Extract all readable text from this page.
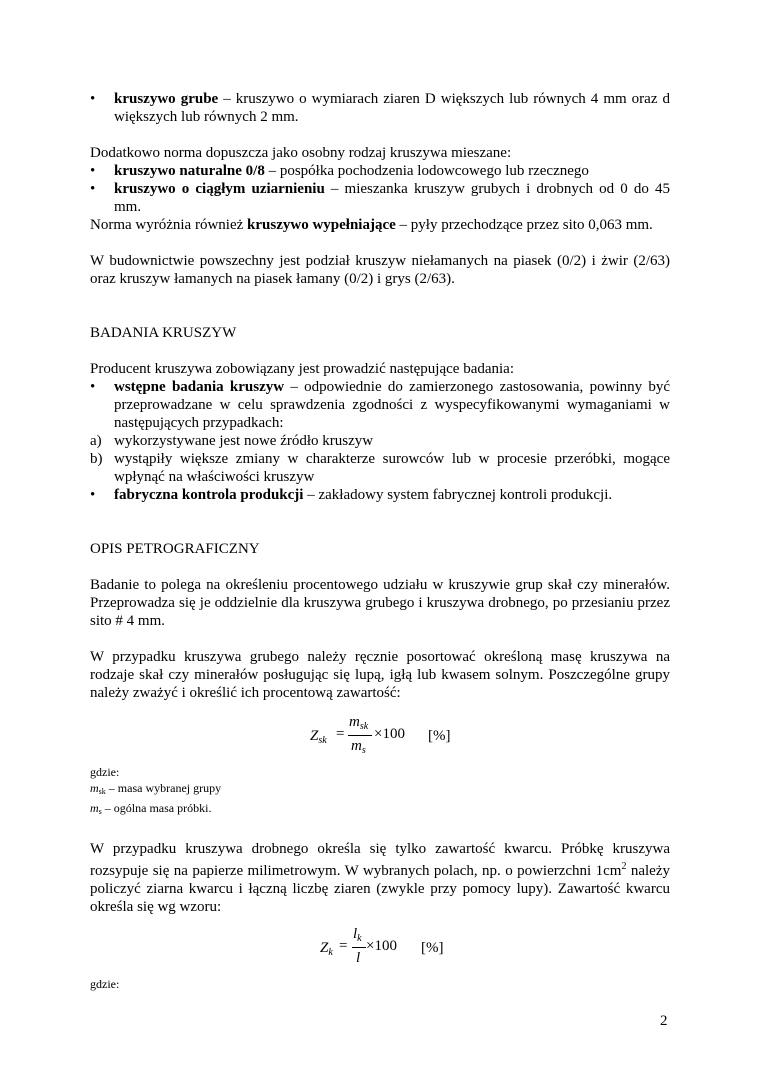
•	kruszywo grube – kruszywo o wymiarach ziaren D większych lub równych 4 mm oraz d większych lub równych 2 mm.

Dodatkowo norma dopuszcza jako osobny rodzaj kruszywa mieszane:

•	kruszywo naturalne 0/8 – pospółka pochodzenia lodowcowego lub rzecznego
•	kruszywo o ciągłym uziarnieniu – mieszanka kruszyw grubych i drobnych od 0 do 45 mm.

Norma wyróżnia również kruszywo wypełniające – pyły przechodzące przez sito 0,063 mm.

W budownictwie powszechny jest podział kruszyw niełamanych na piasek (0/2) i żwir (2/63) oraz kruszyw łamanych na piasek łamany (0/2) i grys (2/63).

BADANIA KRUSZYW

Producent kruszywa zobowiązany jest prowadzić następujące badania:

•	wstępne badania kruszyw – odpowiednie do zamierzonego zastosowania, powinny być przeprowadzane w celu sprawdzenia zgodności z wyspecyfikowanymi wymaganiami w następujących przypadkach:
a) wykorzystywane jest nowe źródło kruszyw
b) wystąpiły większe zmiany w charakterze surowców lub w procesie przeróbki, mogące wpłynąć na właściwości kruszyw
•	fabryczna kontrola produkcji – zakładowy system fabrycznej kontroli produkcji.
OPIS PETROGRAFICZNY

Badanie to polega na określeniu procentowego udziału w kruszywie grup skał czy minerałów. Przeprowadza się je oddzielnie dla kruszywa grubego i kruszywa drobnego, po przesianiu przez sito # 4 mm.

W przypadku kruszywa grubego należy ręcznie posortować określoną masę kruszywa na rodzaje skał czy minerałów posługując się lupą, igłą lub kwasem solnym. Poszczególne grupy należy zważyć i określić ich procentową zawartość:

$Z_{sk}$ =
$m_{sk}$
$m_s$
×100 [%]
gdzie:
$m_{sk}$ – masa wybranej grupy
$m_s$ – ogólna masa próbki.

W przypadku kruszywa drobnego określa się tylko zawartość kwarcu. Próbkę kruszywa rozsypuje się na papierze milimetrowym. W wybranych polach, np. o powierzchni $1cm^2$ należy policzyć ziarna kwarcu i łączną liczbę ziaren (zwykle przy pomocy lupy). Zawartość kwarcu określa się wg wzoru:

$Z_k$ =
$l_k$
l
×100 [%]
gdzie:
2
